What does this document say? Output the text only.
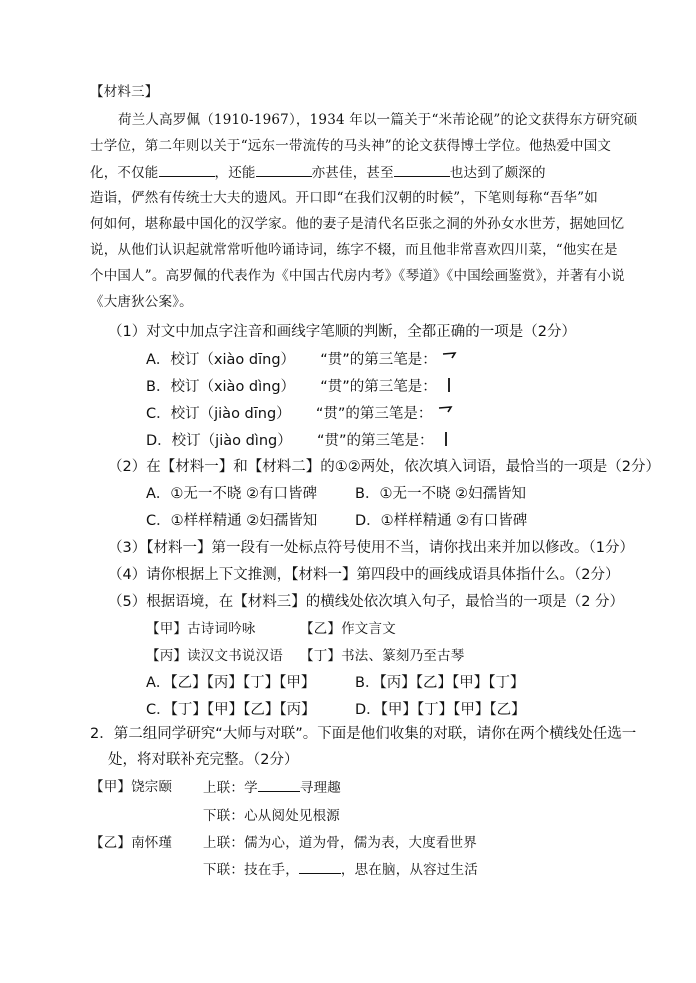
【材料三】
荷兰人高罗佩（1910-1967），1934 年以一篇关于“米芾论砚”的论文获得东方研究硕
士学位，第二年则以关于“远东一带流传的马头神”的论文获得博士学位。他热爱中国文
化，不仅能	，还能	亦甚佳，甚至	也达到了颇深的
造诣，俨然有传统士大夫的遗风。开口即“在我们汉朝的时候”，下笔则每称“吾华”如
何如何，堪称最中国化的汉学家。他的妻子是清代名臣张之洞的外孙女水世芳，据她回忆
说，从他们认识起就常常听他吟诵诗词，练字不辍，而且他非常喜欢四川菜，“他实在是
个中国人”。高罗佩的代表作为《中国古代房内考》《琴道》《中国绘画鉴赏》，并著有小说
《大唐狄公案》。
（1）对文中加点字注音和画线字笔顺的判断，全都正确的一项是（2分）
A．校订（xiào dīng） “贯”的第三笔是：
B．校订（xiào dìng） “贯”的第三笔是：
C．校订（jiào dīng） “贯”的第三笔是：
D．校订（jiào dìng） “贯”的第三笔是：
（2）在【材料一】和【材料二】的①②两处，依次填入词语，最恰当的一项是（2分）
A．①无一不晓 ②有口皆碑	B．①无一不晓 ②妇孺皆知
C．①样样精通 ②妇孺皆知	D．①样样精通 ②有口皆碑
（3）【材料一】第一段有一处标点符号使用不当，请你找出来并加以修改。（1分）
（4）请你根据上下文推测，【材料一】第四段中的画线成语具体指什么。（2分）
（5）根据语境，在【材料三】的横线处依次填入句子，最恰当的一项是（2 分）
【甲】古诗词吟咏	【乙】作文言文
【丙】读汉文书说汉语 【丁】书法、篆刻乃至古琴
A．【乙】【丙】【丁】【甲】	B．【丙】【乙】【甲】【丁】
C．【丁】【甲】【乙】【丙】	D．【甲】【丁】【甲】【乙】
2．第二组同学研究“大师与对联”。下面是他们收集的对联，请你在两个横线处任选一
处，将对联补充完整。（2分）
【甲】饶宗颐 上联：学	寻理趣
下联：心从阅处见根源
【乙】南怀瑾 上联：儒为心，道为骨，儒为表，大度看世界
下联：技在手，	，思在脑，从容过生活
